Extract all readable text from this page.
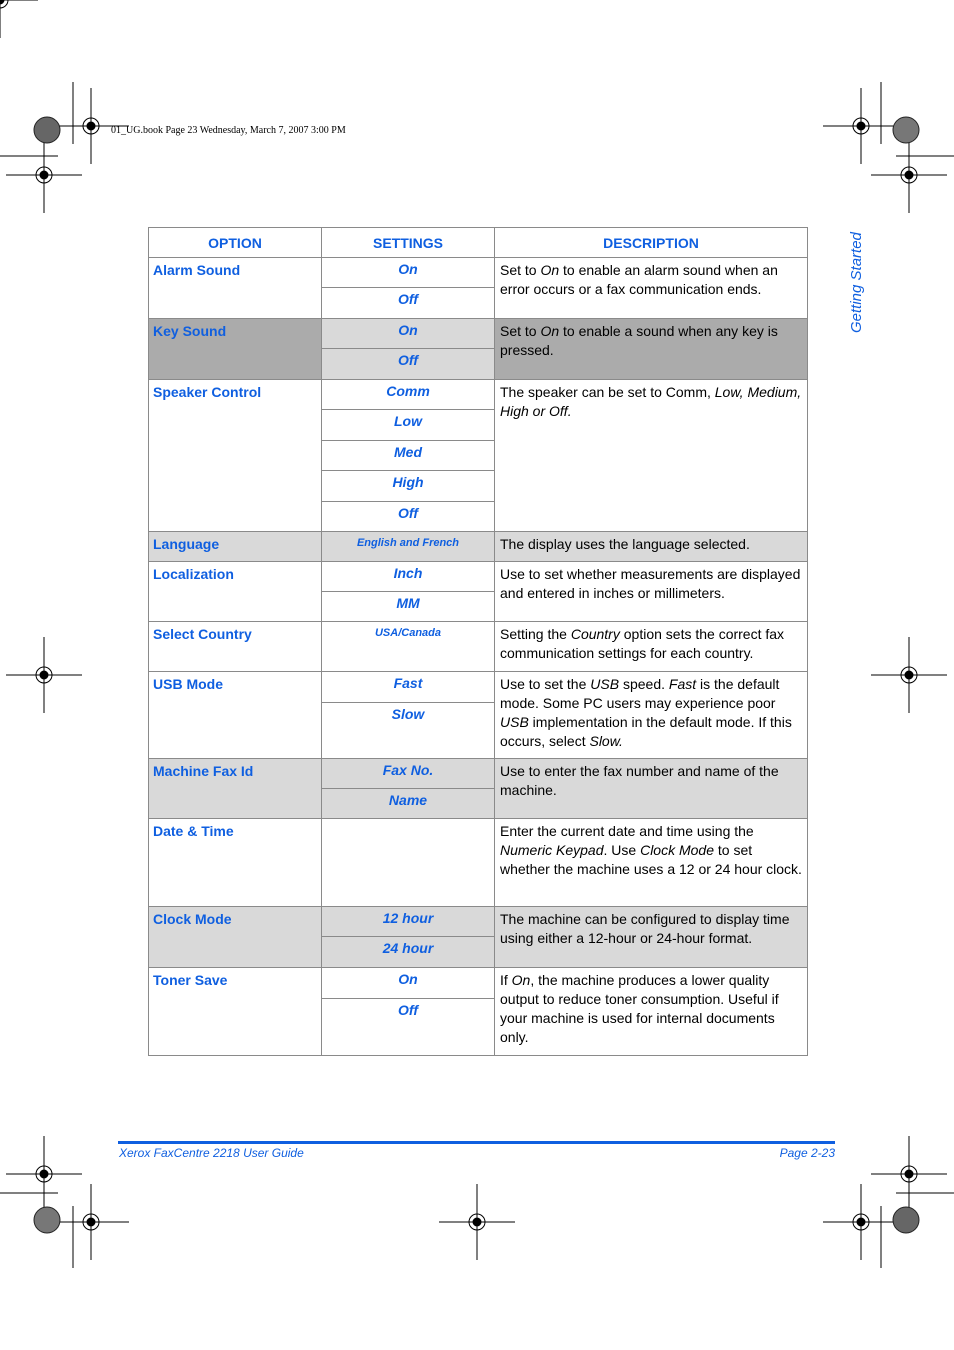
01_UG.book Page 23 Wednesday, March 7, 2007 3:00 PM
Getting Started
OPTION	SETTINGS	DESCRIPTION
Alarm Sound	On	Set to On to enable an alarm sound when an error occurs or a fax communication ends.
	Off	
Key Sound	On	Set to On to enable a sound when any key is pressed.
	Off	
Speaker Control	Comm	The speaker can be set to Comm, Low, Medium, High or Off.
	Low	
	Med	
	High	
	Off	
Language	English and French	The display uses the language selected.
Localization	Inch	Use to set whether measurements are displayed and entered in inches or millimeters.
	MM	
Select Country	USA/Canada	Setting the Country option sets the correct fax communication settings for each country.
USB Mode	Fast	Use to set the USB speed. Fast is the default mode. Some PC users may experience poor USB implementation in the default mode. If this occurs, select Slow.
	Slow	
Machine Fax Id	Fax No.	Use to enter the fax number and name of the machine.
	Name	
Date & Time		Enter the current date and time using the Numeric Keypad. Use Clock Mode to set whether the machine uses a 12 or 24 hour clock.
Clock Mode	12 hour	The machine can be configured to display time using either a 12-hour or 24-hour format.
	24 hour	
Toner Save	On	If On, the machine produces a lower quality output to reduce toner consumption. Useful if your machine is used for internal documents only.
	Off	
Xerox FaxCentre 2218 User Guide	Page 2-23
